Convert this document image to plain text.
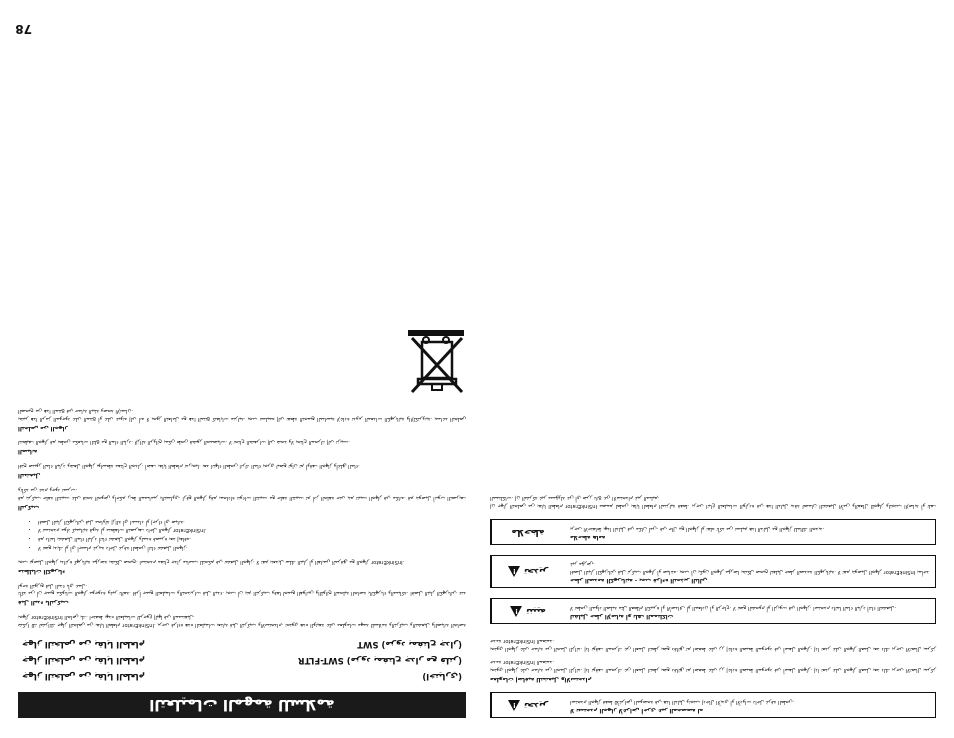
!
تحذير	لا تستخدم الجهاز لأغراض أخرى غير المخصصة له
استخدم الجهاز فقط للأغراض الموضحة في هذا الدليل وتجنب إدخال الأيدي أو الأدوات داخل غرفة الطحن.
معلومات إضافية للتشغيل والاستخدام

يحتوي الجهاز على حماية من الحمل الزائد. إذا توقف المحرك عن العمل انتظر بضع دقائق ثم اضغط على زر إعادة الضبط الموجود في أسفل الجهاز. إذا تعذر على الجهاز العمل بعد ذلك يرجى الاتصال بمركز خدمة InSinkErator المعتمد.

يحتوي الجهاز على حماية من الحمل الزائد. إذا توقف المحرك عن العمل انتظر بضع دقائق ثم اضغط على زر إعادة الضبط الموجود في أسفل الجهاز. إذا تعذر على الجهاز العمل بعد ذلك يرجى الاتصال بمركز خدمة InSinkErator المعتمد.

!
تنبيه	لتقليل خطر الإصابة أو تلف الممتلكات
لا تطحن المواد الصلبة مثل العظام الكبيرة أو الأصداف أو المعادن أو الزجاج. لا تضع الشحوم أو الزيوت في الجهاز. استخدم دائما الماء البارد أثناء التشغيل.
!
تحذير
خطر الصدمة الكهربائية - يجب قراءة التحذير التالي
افصل التيار الكهربائي قبل تركيب الجهاز أو صيانته. يجب أن يكون الجهاز مؤرضا بشكل صحيح لتقليل خطر الصدمة الكهربائية. لا تقم بتوصيل الجهاز InSinkErator بمأخذ غير مؤرض.
ملاحظة	ملاحظة هامة
يرجى الاحتفاظ بهذا الدليل في مكان آمن. في حال بيع الجهاز أو نقله تأكد من تسليم هذا الدليل مع الجهاز للمالك الجديد.

إن جهاز التخلص من بقايا الطعام InSinkErator مصمم لطحن بقايا الطعام المنزلية فقط. يرجى اتباع التعليمات الواردة في هذا الدليل بدقة لضمان التشغيل الآمن والفعال للجهاز ولتجنب الإصابة أو تلف الممتلكات. إن الشركة غير مسؤولة عن أي ضرر ناتج عن الاستخدام غير السليم.

التعليمات المهمة للسلامة
جهاز التخلص من بقايا الطعام	(اختياري)
جهاز التخلص من بقايا الطعام	SWT-FLTR (مزود بمفتاح جدار مع فلتر)
جهاز التخلص من بقايا الطعام	SWT (مزود بمفتاح جدار)

شكرا لك لشرائك جهاز التخلص من بقايا الطعام InSinkErator. يرجى قراءة هذه التعليمات بعناية قبل التركيب والاستخدام. تحتوي هذه الوثيقة على معلومات مهمة للسلامة والتركيب والتشغيل والصيانة الخاصة بجهاز InSinkErator الخاص بك. احتفظ بهذه التعليمات للرجوع إليها في المستقبل.

قبل البدء بالتركيب

تأكد من أن جميع مكونات الجهاز موجودة وغير تالفة. اقرأ جميع التعليمات والتحذيرات قبل البدء. يجب أن يتم التركيب وفقا لجميع القوانين واللوائح المحلية الخاصة بالكهرباء والسباكة. افصل التيار الكهربائي عند لوحة التوزيع قبل البدء بأي عمل.

متطلبات الكهرباء

يجب توصيل الجهاز بدائرة كهربائية مؤرضة بشكل صحيح. استخدم مفتاح جدار مناسب للتحكم في تشغيل الجهاز. لا تقم بتعديل سلك التيار أو القابس المرفق مع الجهاز InSinkErator.

• لا تضع يديك أو أي أجسام غريبة داخل غرفة الطحن أثناء تشغيل الجهاز.
• قم دائما بتشغيل الماء البارد أثناء تشغيل الجهاز ولمدة قصيرة بعد إيقافه.
• لا تستخدم مواد كيميائية قوية أو منظفات التصريف داخل الجهاز InSinkErator.
• افصل التيار الكهربائي قبل محاولة إزالة أي انسداد أو إجراء أي صيانة.
التركيب

قم بتركيب حلقة التثبيت على فتحة الحوض وأحكم ربط المسامير بالتساوي. ارفع الجهاز وقم بمحاذاة نتوءات التثبيت مع حلقة التثبيت ثم أدر الحلقة حتى يتم تثبيت الجهاز في مكانه. قم بتوصيل أنبوب التصريف وتأكد من عدم وجود تسرب.

التشغيل

افتح صنبور الماء البارد وشغل الجهاز بواسطة مفتاح الجدار. أضف بقايا الطعام تدريجيا. بعد انتهاء الطحن اترك الماء يجري لبضع ثوان ثم أوقف الجهاز وأغلق الماء.

الصيانة

لتنظيف الجهاز قم بطحن مكعبات الثلج مع الماء البارد. لإزالة الروائح يمكن طحن قشور الحمضيات. لا تحتاج الشفرات إلى شحذ ولا يحتاج المحرك إلى تزييت.

التخلص من الجهاز

يشير هذا الرمز الموجود على المنتج أو على عبوته إلى أنه لا يجوز التعامل مع هذا المنتج كنفايات منزلية. يجب تسليمه إلى نقطة التجميع المناسبة لإعادة تدوير المعدات الكهربائية والإلكترونية. يساعد التخلص الصحيح من هذا المنتج في حماية البيئة وصحة الإنسان.

78
